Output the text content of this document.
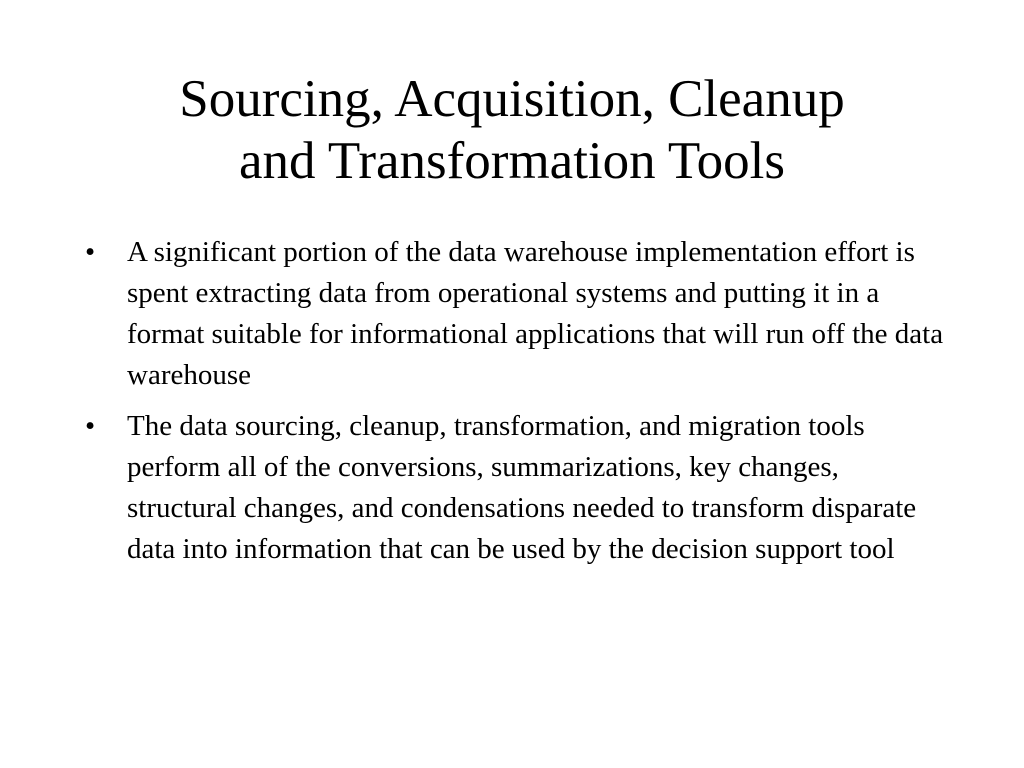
Sourcing, Acquisition, Cleanup
and Transformation Tools
•	A significant portion of the data warehouse implementation effort is spent extracting data from operational systems and putting it in a format suitable for informational applications that will run off the data warehouse
•	The data sourcing, cleanup, transformation, and migration tools perform all of the conversions, summarizations, key changes, structural changes, and condensations needed to transform disparate data into information that can be used by the decision support tool
